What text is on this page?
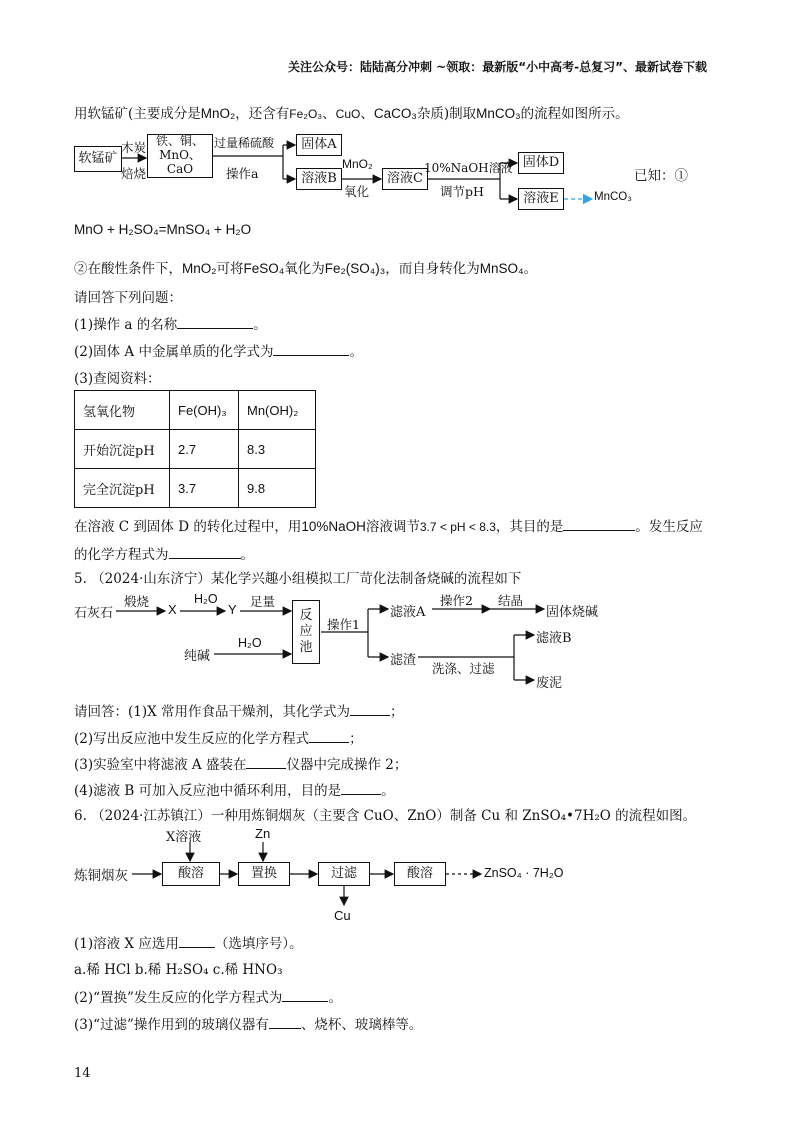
关注公众号：陆陆高分冲刺 ~领取：最新版“小中高考-总复习”、最新试卷下载
用软锰矿(主要成分是MnO₂，还含有Fe₂O₃、CuO、CaCO₃杂质)制取MnCO₃的流程如图所示。
软锰矿
木炭
焙烧
铁、铜、MnO、CaO
过量稀硫酸
操作a
固体A
溶液B
MnO₂
氧化
溶液C
10%NaOH溶液
调节pH
固体D
溶液E	MnCO₃
已知：①
MnO + H₂SO₄=MnSO₄ + H₂O
②在酸性条件下，MnO₂可将FeSO₄氧化为Fe₂(SO₄)₃，而自身转化为MnSO₄。
请回答下列问题：
(1)操作 a 的名称	。
(2)固体 A 中金属单质的化学式为	。
(3)查阅资料：
氢氧化物	Fe(OH)₃	Mn(OH)₂
开始沉淀pH	2.7	8.3
完全沉淀pH	3.7	9.8
在溶液 C 到固体 D 的转化过程中，用10%NaOH溶液调节3.7 < pH < 8.3，其目的是	。发生反应
的化学方程式为	。
5. （2024·山东济宁）某化学兴趣小组模拟工厂苛化法制备烧碱的流程如下
石灰石
煅烧
X
H₂O
Y
足量
反应池
纯碱
H₂O
操作1
滤液A
操作2 结晶
固体烧碱
滤渣
洗涤、过滤
滤液B
废泥
请回答：(1)X 常用作食品干燥剂，其化学式为	；
(2)写出反应池中发生反应的化学方程式	；
(3)实验室中将滤液 A 盛装在	仪器中完成操作 2；
(4)滤液 B 可加入反应池中循环利用，目的是	。
6. （2024·江苏镇江）一种用炼铜烟灰（主要含 CuO、ZnO）制备 Cu 和 ZnSO₄•7H₂O 的流程如图。
炼铜烟灰
X溶液
酸溶
Zn
置换	过滤
Cu
酸溶	ZnSO₄ · 7H₂O
(1)溶液 X 应选用	（选填序号）。
a.稀 HCl b.稀 H₂SO₄ c.稀 HNO₃
(2)“置换”发生反应的化学方程式为	。
(3)“过滤”操作用到的玻璃仪器有 、烧杯、玻璃棒等。
14
